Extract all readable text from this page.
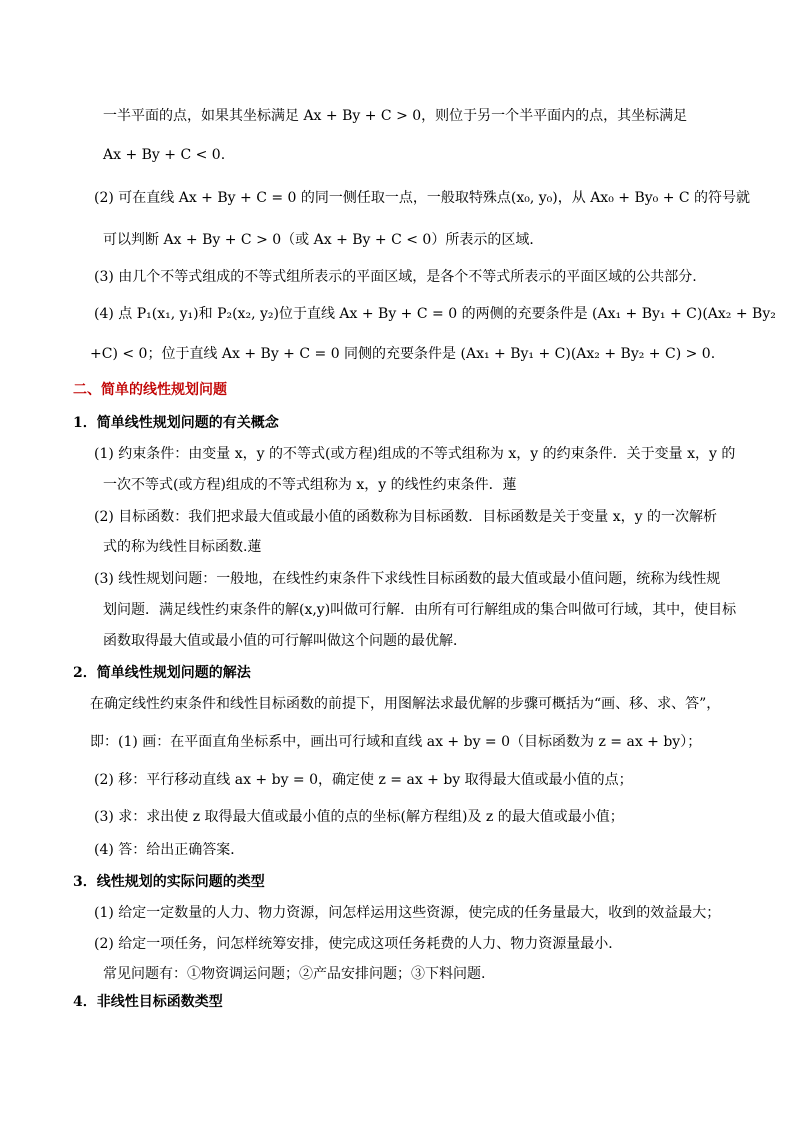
一半平面的点，如果其坐标满足 Ax + By + C > 0，则位于另一个半平面内的点，其坐标满足
Ax + By + C < 0.
(2) 可在直线 Ax + By + C = 0 的同一侧任取一点，一般取特殊点(x₀, y₀)，从 Ax₀ + By₀ + C 的符号就
可以判断 Ax + By + C > 0（或 Ax + By + C < 0）所表示的区域．
(3) 由几个不等式组成的不等式组所表示的平面区域，是各个不等式所表示的平面区域的公共部分.
(4) 点 P₁(x₁, y₁)和 P₂(x₂, y₂)位于直线 Ax + By + C = 0 的两侧的充要条件是 (Ax₁ + By₁ + C)(Ax₂ + By₂
+C) < 0；位于直线 Ax + By + C = 0 同侧的充要条件是 (Ax₁ + By₁ + C)(Ax₂ + By₂ + C) > 0.
二、简单的线性规划问题
1．简单线性规划问题的有关概念
(1) 约束条件：由变量 x，y 的不等式(或方程)组成的不等式组称为 x，y 的约束条件．关于变量 x，y 的
一次不等式(或方程)组成的不等式组称为 x，y 的线性约束条件．蓮
(2) 目标函数：我们把求最大值或最小值的函数称为目标函数．目标函数是关于变量 x，y 的一次解析
式的称为线性目标函数.蓮
(3) 线性规划问题：一般地，在线性约束条件下求线性目标函数的最大值或最小值问题，统称为线性规
划问题．满足线性约束条件的解(x,y)叫做可行解．由所有可行解组成的集合叫做可行域，其中，使目标
函数取得最大值或最小值的可行解叫做这个问题的最优解．
2．简单线性规划问题的解法
在确定线性约束条件和线性目标函数的前提下，用图解法求最优解的步骤可概括为“画、移、求、答”，
即：(1) 画：在平面直角坐标系中，画出可行域和直线 ax + by = 0（目标函数为 z = ax + by）；
(2) 移：平行移动直线 ax + by = 0，确定使 z = ax + by 取得最大值或最小值的点；
(3) 求：求出使 z 取得最大值或最小值的点的坐标(解方程组)及 z 的最大值或最小值；
(4) 答：给出正确答案．
3．线性规划的实际问题的类型
(1) 给定一定数量的人力、物力资源，问怎样运用这些资源，使完成的任务量最大，收到的效益最大；
(2) 给定一项任务，问怎样统筹安排，使完成这项任务耗费的人力、物力资源量最小．
常见问题有：①物资调运问题；②产品安排问题；③下料问题.
4．非线性目标函数类型
